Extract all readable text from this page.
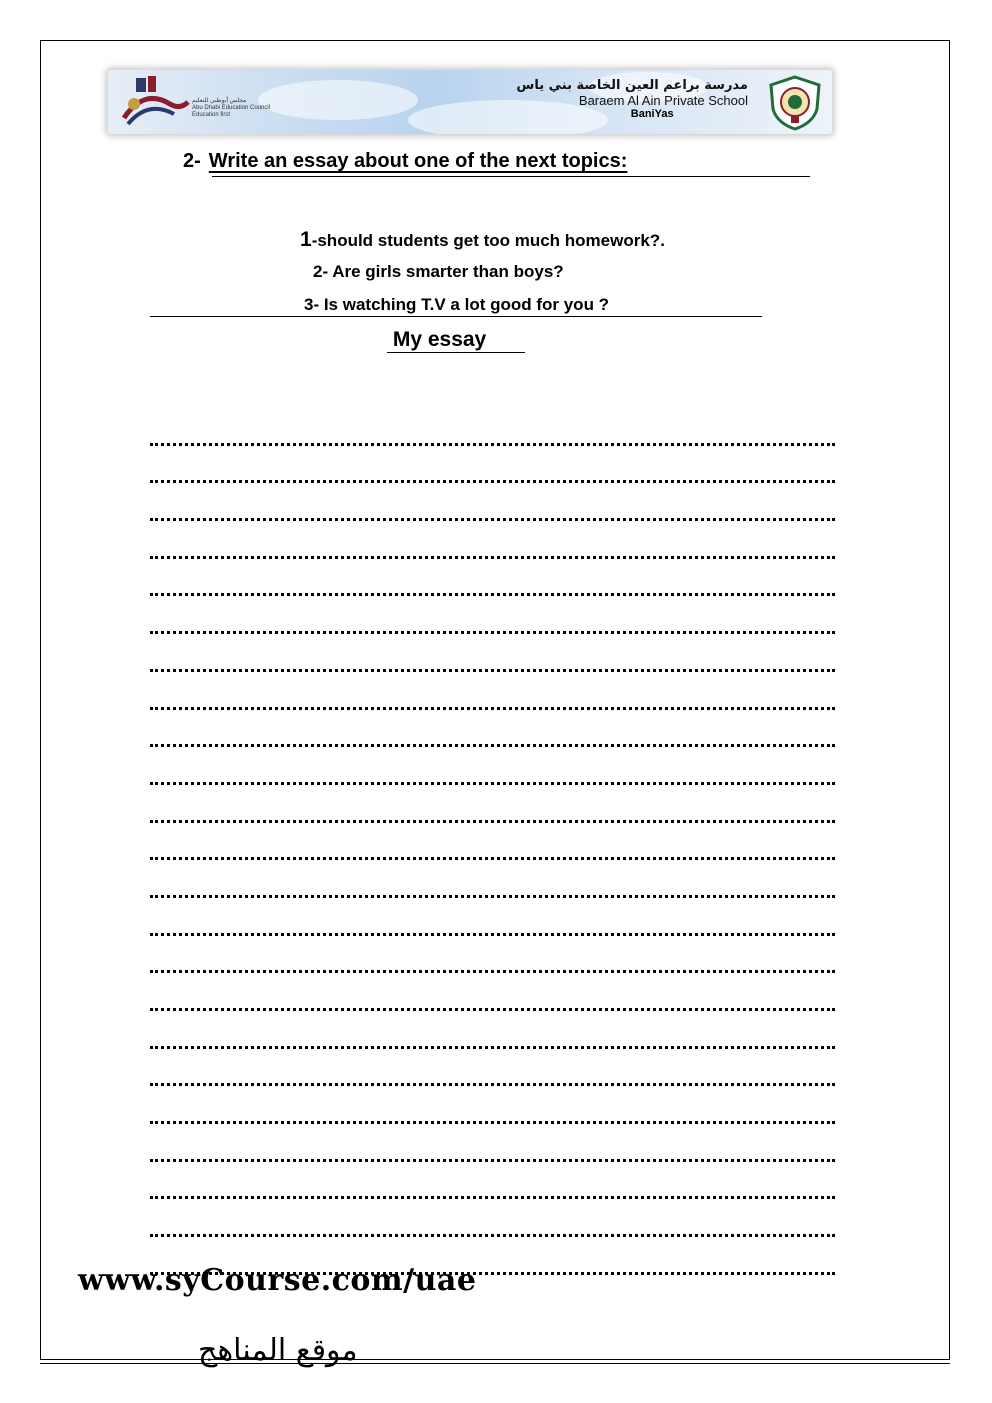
مجلس أبوظبي للتعليم
Abu Dhabi Education Council
Education first
مدرسة براعم العين الخاصة بني ياس
Baraem Al Ain Private School
BaniYas
2- Write an essay about one of the next topics:
1-should students get too much homework?.
2- Are girls smarter than boys?
3- Is watching T.V a lot good for you ?
My essay
www.syCourse.com/uae
موقع المناهج
